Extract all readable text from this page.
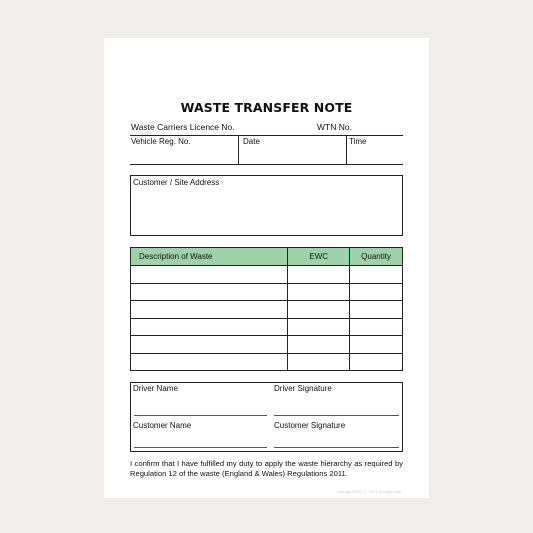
WASTE TRANSFER NOTE
Waste Carriers Licence No.	WTN No.
Vehicle Reg. No.	Date	Time
Customer / Site Address
Description of Waste	EWC	Quantity

Driver Name	Driver Signature
Customer Name	Customer Signature
I confirm that I have fulfilled my duty to apply the waste hierarchy as required by Regulation 12 of the waste (England & Wales) Regulations 2011.
Docugo 0003 | © 2023 Docugo.com
